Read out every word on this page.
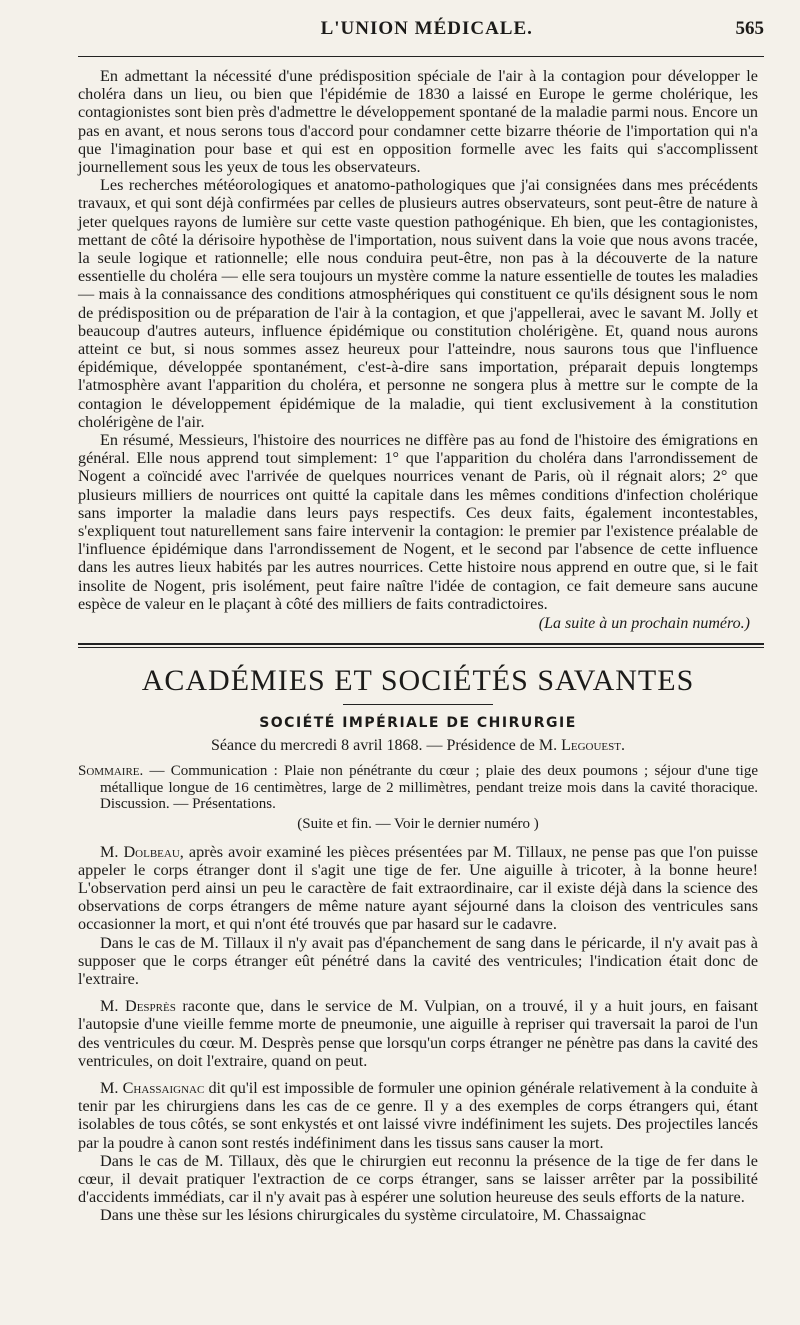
L'UNION MÉDICALE.	565

En admettant la nécessité d'une prédisposition spéciale de l'air à la contagion pour développer le choléra dans un lieu, ou bien que l'épidémie de 1830 a laissé en Europe le germe cholérique, les contagionistes sont bien près d'admettre le développement spontané de la maladie parmi nous. Encore un pas en avant, et nous serons tous d'accord pour condamner cette bizarre théorie de l'importation qui n'a que l'imagination pour base et qui est en opposition formelle avec les faits qui s'accomplissent journellement sous les yeux de tous les observateurs.

Les recherches météorologiques et anatomo-pathologiques que j'ai consignées dans mes précédents travaux, et qui sont déjà confirmées par celles de plusieurs autres observateurs, sont peut-être de nature à jeter quelques rayons de lumière sur cette vaste question pathogénique. Eh bien, que les contagionistes, mettant de côté la dérisoire hypothèse de l'importation, nous suivent dans la voie que nous avons tracée, la seule logique et rationnelle; elle nous conduira peut-être, non pas à la découverte de la nature essentielle du choléra — elle sera toujours un mystère comme la nature essentielle de toutes les maladies — mais à la connaissance des conditions atmosphériques qui constituent ce qu'ils désignent sous le nom de prédisposition ou de préparation de l'air à la contagion, et que j'appellerai, avec le savant M. Jolly et beaucoup d'autres auteurs, influence épidémique ou constitution cholérigène. Et, quand nous aurons atteint ce but, si nous sommes assez heureux pour l'atteindre, nous saurons tous que l'influence épidémique, développée spontanément, c'est-à-dire sans importation, préparait depuis longtemps l'atmosphère avant l'apparition du choléra, et personne ne songera plus à mettre sur le compte de la contagion le développement épidémique de la maladie, qui tient exclusivement à la constitution cholérigène de l'air.

En résumé, Messieurs, l'histoire des nourrices ne diffère pas au fond de l'histoire des émigrations en général. Elle nous apprend tout simplement: 1° que l'apparition du choléra dans l'arrondissement de Nogent a coïncidé avec l'arrivée de quelques nourrices venant de Paris, où il régnait alors; 2° que plusieurs milliers de nourrices ont quitté la capitale dans les mêmes conditions d'infection cholérique sans importer la maladie dans leurs pays respectifs. Ces deux faits, également incontestables, s'expliquent tout naturellement sans faire intervenir la contagion: le premier par l'existence préalable de l'influence épidémique dans l'arrondissement de Nogent, et le second par l'absence de cette influence dans les autres lieux habités par les autres nourrices. Cette histoire nous apprend en outre que, si le fait insolite de Nogent, pris isolément, peut faire naître l'idée de contagion, ce fait demeure sans aucune espèce de valeur en le plaçant à côté des milliers de faits contradictoires.

(La suite à un prochain numéro.)
ACADÉMIES ET SOCIÉTÉS SAVANTES
SOCIÉTÉ IMPÉRIALE DE CHIRURGIE
Séance du mercredi 8 avril 1868. — Présidence de M. Legouest.
Sommaire. — Communication : Plaie non pénétrante du cœur ; plaie des deux poumons ; séjour d'une tige métallique longue de 16 centimètres, large de 2 millimètres, pendant treize mois dans la cavité thoracique. Discussion. — Présentations.
(Suite et fin. — Voir le dernier numéro )

M. Dolbeau, après avoir examiné les pièces présentées par M. Tillaux, ne pense pas que l'on puisse appeler le corps étranger dont il s'agit une tige de fer. Une aiguille à tricoter, à la bonne heure! L'observation perd ainsi un peu le caractère de fait extraordinaire, car il existe déjà dans la science des observations de corps étrangers de même nature ayant séjourné dans la cloison des ventricules sans occasionner la mort, et qui n'ont été trouvés que par hasard sur le cadavre.

Dans le cas de M. Tillaux il n'y avait pas d'épanchement de sang dans le péricarde, il n'y avait pas à supposer que le corps étranger eût pénétré dans la cavité des ventricules; l'indication était donc de l'extraire.

M. Desprès raconte que, dans le service de M. Vulpian, on a trouvé, il y a huit jours, en faisant l'autopsie d'une vieille femme morte de pneumonie, une aiguille à repriser qui traversait la paroi de l'un des ventricules du cœur. M. Desprès pense que lorsqu'un corps étranger ne pénètre pas dans la cavité des ventricules, on doit l'extraire, quand on peut.

M. Chassaignac dit qu'il est impossible de formuler une opinion générale relativement à la conduite à tenir par les chirurgiens dans les cas de ce genre. Il y a des exemples de corps étrangers qui, étant isolables de tous côtés, se sont enkystés et ont laissé vivre indéfiniment les sujets. Des projectiles lancés par la poudre à canon sont restés indéfiniment dans les tissus sans causer la mort.

Dans le cas de M. Tillaux, dès que le chirurgien eut reconnu la présence de la tige de fer dans le cœur, il devait pratiquer l'extraction de ce corps étranger, sans se laisser arrêter par la possibilité d'accidents immédiats, car il n'y avait pas à espérer une solution heureuse des seuls efforts de la nature.

Dans une thèse sur les lésions chirurgicales du système circulatoire, M. Chassaignac
